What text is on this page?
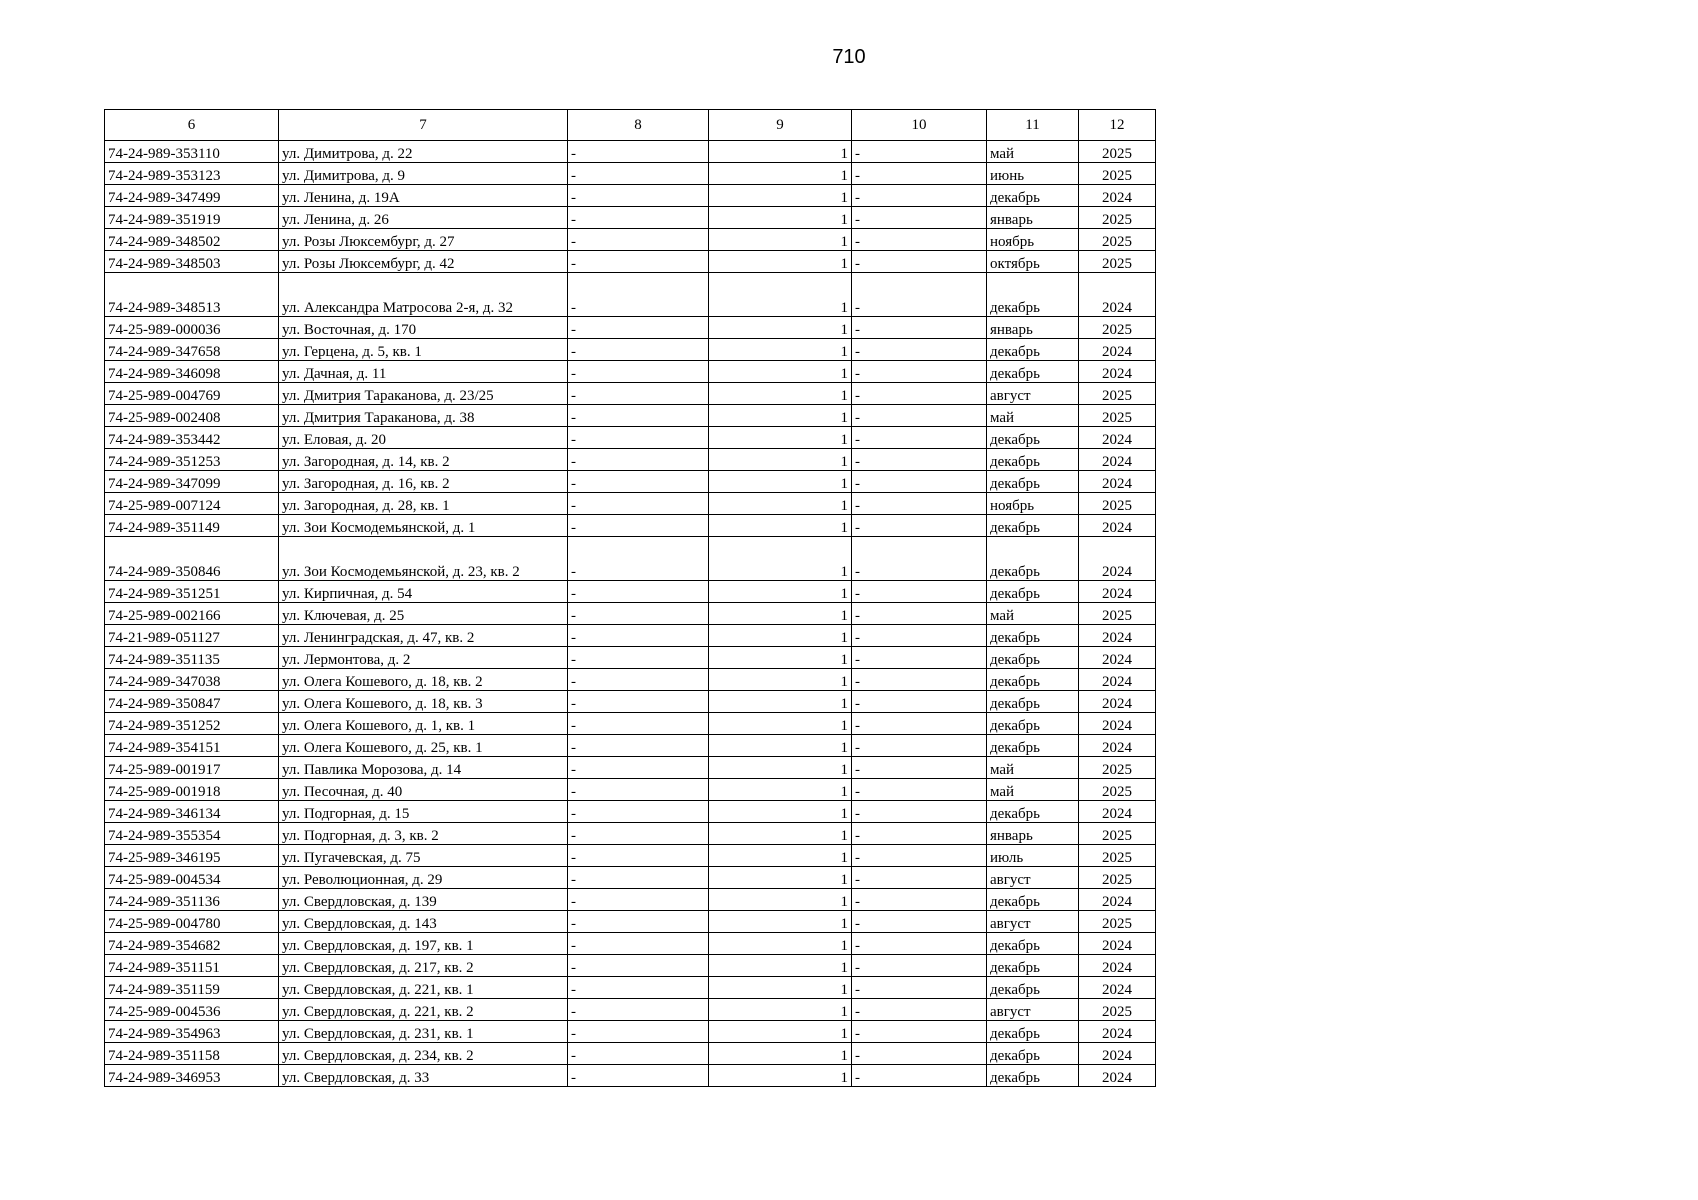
710
6	7	8	9	10	11	12
74-24-989-353110	ул. Димитрова, д. 22	-	1	-	май	2025
74-24-989-353123	ул. Димитрова, д. 9	-	1	-	июнь	2025
74-24-989-347499	ул. Ленина, д. 19А	-	1	-	декабрь	2024
74-24-989-351919	ул. Ленина, д. 26	-	1	-	январь	2025
74-24-989-348502	ул. Розы Люксембург, д. 27	-	1	-	ноябрь	2025
74-24-989-348503	ул. Розы Люксембург, д. 42	-	1	-	октябрь	2025
74-24-989-348513	ул. Александра Матросова 2-я, д. 32	-	1	-	декабрь	2024
74-25-989-000036	ул. Восточная, д. 170	-	1	-	январь	2025
74-24-989-347658	ул. Герцена, д. 5, кв. 1	-	1	-	декабрь	2024
74-24-989-346098	ул. Дачная, д. 11	-	1	-	декабрь	2024
74-25-989-004769	ул. Дмитрия Тараканова, д. 23/25	-	1	-	август	2025
74-25-989-002408	ул. Дмитрия Тараканова, д. 38	-	1	-	май	2025
74-24-989-353442	ул. Еловая, д. 20	-	1	-	декабрь	2024
74-24-989-351253	ул. Загородная, д. 14, кв. 2	-	1	-	декабрь	2024
74-24-989-347099	ул. Загородная, д. 16, кв. 2	-	1	-	декабрь	2024
74-25-989-007124	ул. Загородная, д. 28, кв. 1	-	1	-	ноябрь	2025
74-24-989-351149	ул. Зои Космодемьянской, д. 1	-	1	-	декабрь	2024
74-24-989-350846	ул. Зои Космодемьянской, д. 23, кв. 2	-	1	-	декабрь	2024
74-24-989-351251	ул. Кирпичная, д. 54	-	1	-	декабрь	2024
74-25-989-002166	ул. Ключевая, д. 25	-	1	-	май	2025
74-21-989-051127	ул. Ленинградская, д. 47, кв. 2	-	1	-	декабрь	2024
74-24-989-351135	ул. Лермонтова, д. 2	-	1	-	декабрь	2024
74-24-989-347038	ул. Олега Кошевого, д. 18, кв. 2	-	1	-	декабрь	2024
74-24-989-350847	ул. Олега Кошевого, д. 18, кв. 3	-	1	-	декабрь	2024
74-24-989-351252	ул. Олега Кошевого, д. 1, кв. 1	-	1	-	декабрь	2024
74-24-989-354151	ул. Олега Кошевого, д. 25, кв. 1	-	1	-	декабрь	2024
74-25-989-001917	ул. Павлика Морозова, д. 14	-	1	-	май	2025
74-25-989-001918	ул. Песочная, д. 40	-	1	-	май	2025
74-24-989-346134	ул. Подгорная, д. 15	-	1	-	декабрь	2024
74-24-989-355354	ул. Подгорная, д. 3, кв. 2	-	1	-	январь	2025
74-25-989-346195	ул. Пугачевская, д. 75	-	1	-	июль	2025
74-25-989-004534	ул. Революционная, д. 29	-	1	-	август	2025
74-24-989-351136	ул. Свердловская, д. 139	-	1	-	декабрь	2024
74-25-989-004780	ул. Свердловская, д. 143	-	1	-	август	2025
74-24-989-354682	ул. Свердловская, д. 197, кв. 1	-	1	-	декабрь	2024
74-24-989-351151	ул. Свердловская, д. 217, кв. 2	-	1	-	декабрь	2024
74-24-989-351159	ул. Свердловская, д. 221, кв. 1	-	1	-	декабрь	2024
74-25-989-004536	ул. Свердловская, д. 221, кв. 2	-	1	-	август	2025
74-24-989-354963	ул. Свердловская, д. 231, кв. 1	-	1	-	декабрь	2024
74-24-989-351158	ул. Свердловская, д. 234, кв. 2	-	1	-	декабрь	2024
74-24-989-346953	ул. Свердловская, д. 33	-	1	-	декабрь	2024
